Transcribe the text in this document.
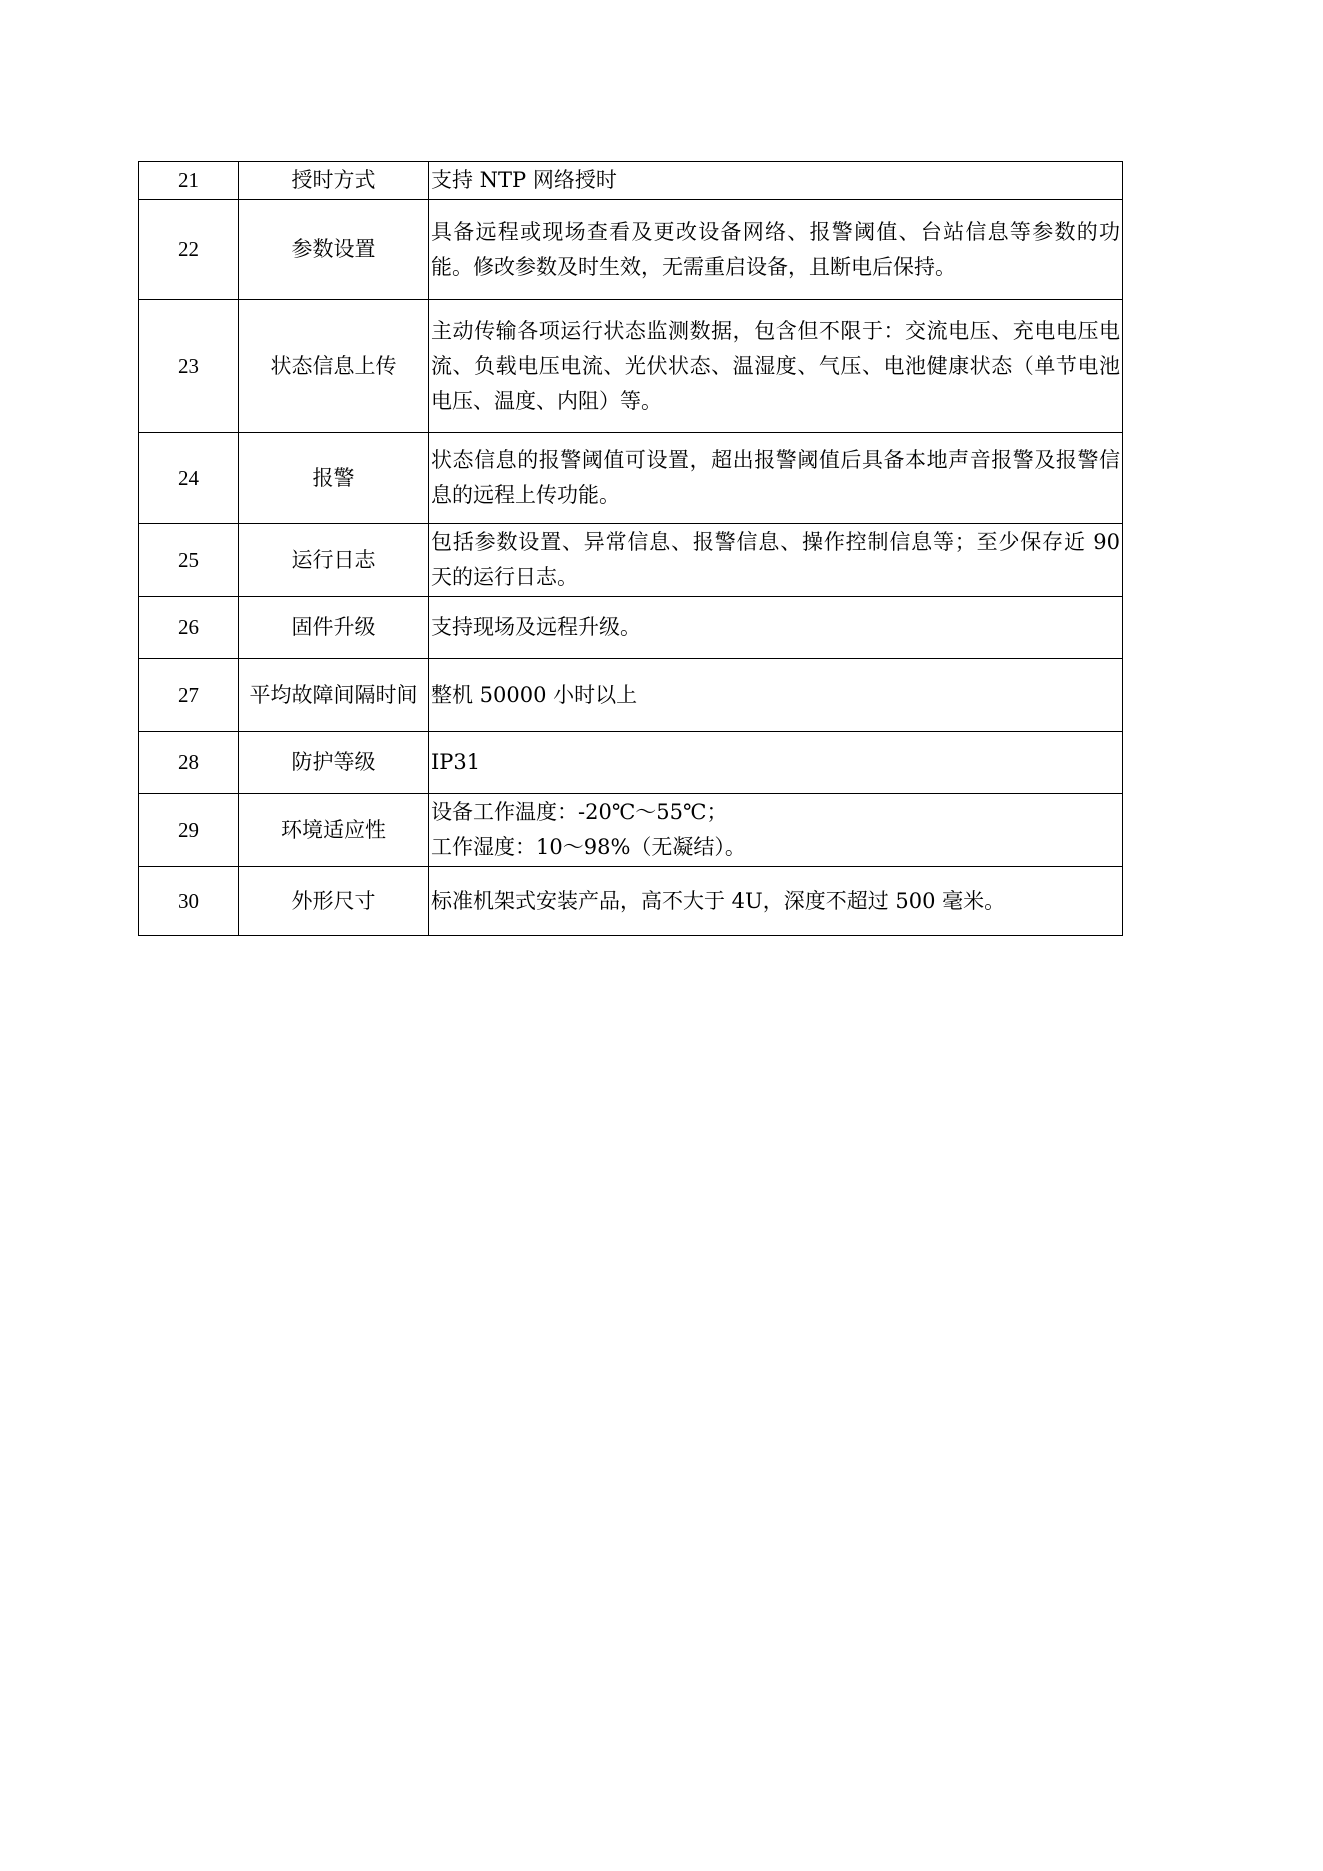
21	授时方式	支持 NTP 网络授时
22	参数设置	具备远程或现场查看及更改设备网络、报警阈值、台站信息等参数的功能。修改参数及时生效，无需重启设备，且断电后保持。
23	状态信息上传	主动传输各项运行状态监测数据，包含但不限于：交流电压、充电电压电流、负载电压电流、光伏状态、温湿度、气压、电池健康状态（单节电池电压、温度、内阻）等。
24	报警	状态信息的报警阈值可设置，超出报警阈值后具备本地声音报警及报警信息的远程上传功能。
25	运行日志	包括参数设置、异常信息、报警信息、操作控制信息等；至少保存近 90 天的运行日志。
26	固件升级	支持现场及远程升级。
27	平均故障间隔时间	整机 50000 小时以上
28	防护等级	IP31
29	环境适应性	设备工作温度：-20℃～55℃；
工作湿度：10～98%（无凝结）。

30	外形尺寸	标准机架式安装产品，高不大于 4U，深度不超过 500 毫米。
